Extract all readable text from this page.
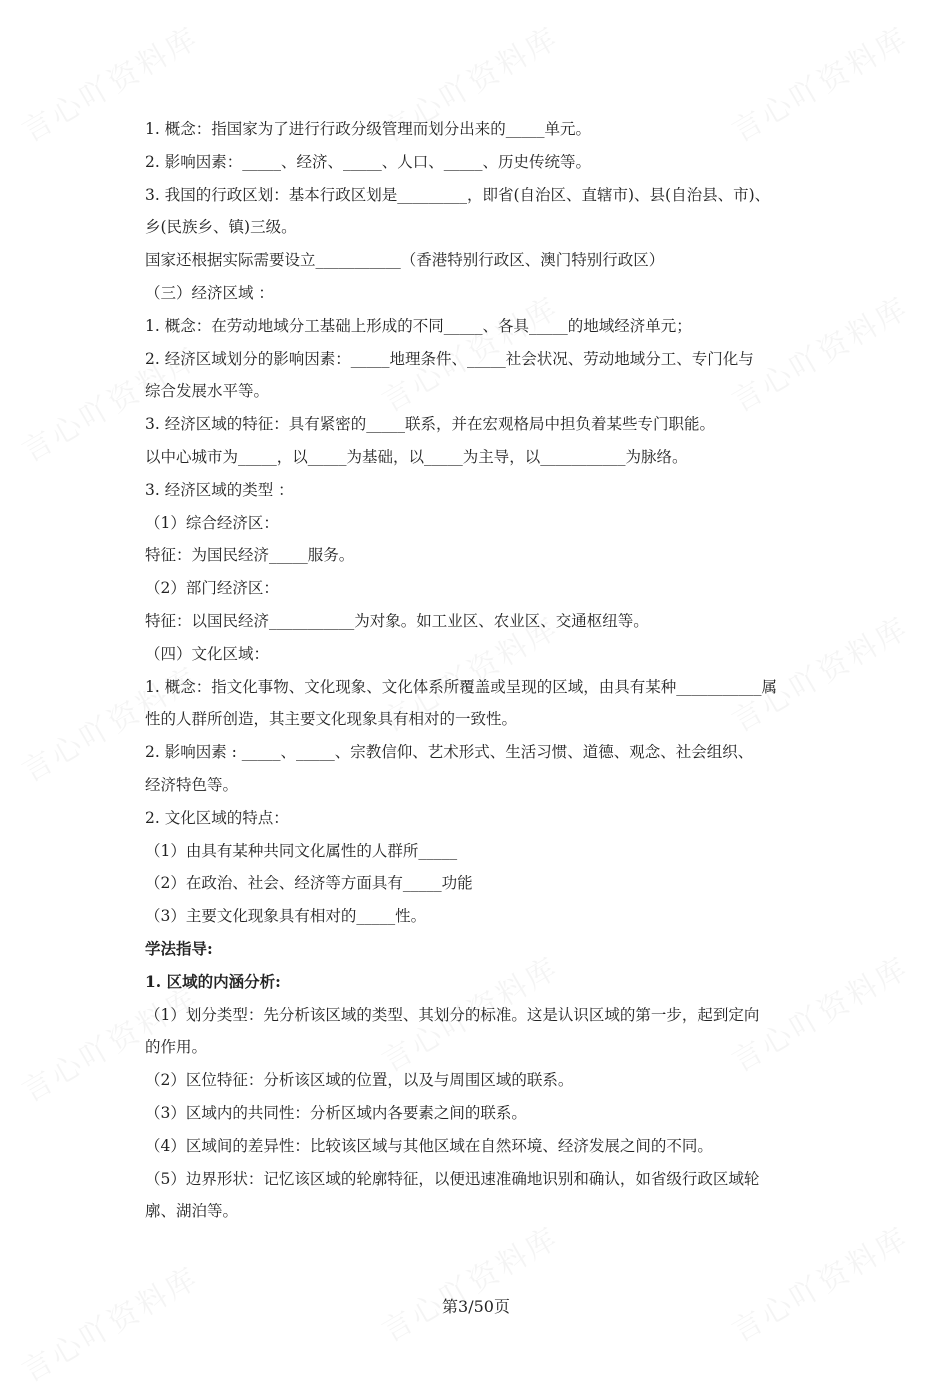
1. 概念：指国家为了进行行政分级管理而划分出来的_____单元。
2. 影响因素：_____、经济、_____、人口、_____、历史传统等。
3. 我国的行政区划：基本行政区划是_________，即省(自治区、直辖市)、县(自治县、市)、
乡(民族乡、镇)三级。
国家还根据实际需要设立___________（香港特别行政区、澳门特别行政区）
（三）经济区域 ：
1. 概念：在劳动地域分工基础上形成的不同_____、各具_____的地域经济单元；
2. 经济区域划分的影响因素：_____地理条件、_____社会状况、劳动地域分工、专门化与
综合发展水平等。
3. 经济区域的特征：具有紧密的_____联系，并在宏观格局中担负着某些专门职能。
以中心城市为_____，以_____为基础，以_____为主导，以___________为脉络。
3. 经济区域的类型 ：
（1）综合经济区：
特征：为国民经济_____服务。
（2）部门经济区：
特征：以国民经济___________为对象。如工业区、农业区、交通枢纽等。
（四）文化区域：
1. 概念：指文化事物、文化现象、文化体系所覆盖或呈现的区域，由具有某种___________属
性的人群所创造，其主要文化现象具有相对的一致性。
2. 影响因素 : _____、_____、宗教信仰、艺术形式、生活习惯、道德、观念、社会组织、
经济特色等。
2. 文化区域的特点：
（1）由具有某种共同文化属性的人群所_____
（2）在政治、社会、经济等方面具有_____功能
（3）主要文化现象具有相对的_____性。
学法指导:
1. 区域的内涵分析:
（1）划分类型：先分析该区域的类型、其划分的标准。这是认识区域的第一步，起到定向
的作用。
（2）区位特征：分析该区域的位置，以及与周围区域的联系。
（3）区域内的共同性：分析区域内各要素之间的联系。
（4）区域间的差异性：比较该区域与其他区域在自然环境、经济发展之间的不同。
（5）边界形状：记忆该区域的轮廓特征，以便迅速准确地识别和确认，如省级行政区域轮
廓、湖泊等。
第3/50页
